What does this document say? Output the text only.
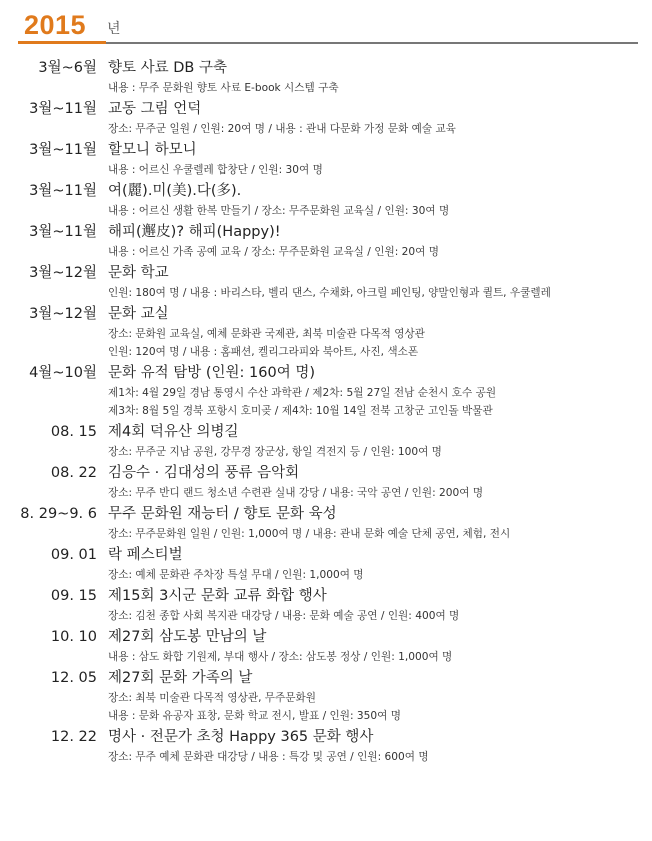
2015 년
3월~6월 향토 사료 DB 구축
내용 : 무주 문화원 향토 사료 E-book 시스템 구축
3월~11월 교동 그림 언덕
장소: 무주군 일원 / 인원: 20여 명 / 내용 : 관내 다문화 가정 문화 예술 교육
3월~11월 할모니 하모니
내용 : 어르신 우쿨렐레 합창단 / 인원: 30여 명
3월~11월 여(麗).미(美).다(多).
내용 : 어르신 생활 한복 만들기 / 장소: 무주문화원 교육실 / 인원: 30여 명
3월~11월 해피(邂皮)? 해피(Happy)!
내용 : 어르신 가족 공예 교육 / 장소: 무주문화원 교육실 / 인원: 20여 명
3월~12월 문화 학교
인원: 180여 명 / 내용 : 바리스타, 벨리 댄스, 수채화, 아크릴 페인팅, 양말인형과 퀼트, 우쿨렐레
3월~12월 문화 교실
장소: 문화원 교육실, 예체 문화관 국제관, 최북 미술관 다목적 영상관
인원: 120여 명 / 내용 : 홈패션, 켈리그라피와 북아트, 사진, 색소폰
4월~10월 문화 유적 탐방 (인원: 160여 명)
제1차: 4월 29일 경남 통영시 수산 과학관 / 제2차: 5월 27일 전남 순천시 호수 공원
제3차: 8월 5일 경북 포항시 호미곶 / 제4차: 10월 14일 전북 고창군 고인돌 박물관
08. 15 제4회 덕유산 의병길
장소: 무주군 지남 공원, 강무경 장군상, 항일 격전지 등 / 인원: 100여 명
08. 22 김응수 · 김대성의 풍류 음악회
장소: 무주 반디 랜드 청소년 수련관 실내 강당 / 내용: 국악 공연 / 인원: 200여 명
8. 29~9. 6 무주 문화원 재능터 / 향토 문화 육성
장소: 무주문화원 일원 / 인원: 1,000여 명 / 내용: 관내 문화 예술 단체 공연, 체험, 전시
09. 01 락 페스티벌
장소: 예체 문화관 주차장 특설 무대 / 인원: 1,000여 명
09. 15 제15회 3시군 문화 교류 화합 행사
장소: 김천 종합 사회 복지관 대강당 / 내용: 문화 예술 공연 / 인원: 400여 명
10. 10 제27회 삼도봉 만남의 날
내용 : 삼도 화합 기원제, 부대 행사 / 장소: 삼도봉 정상 / 인원: 1,000여 명
12. 05 제27회 문화 가족의 날
장소: 최북 미술관 다목적 영상관, 무주문화원
내용 : 문화 유공자 표창, 문화 학교 전시, 발표 / 인원: 350여 명
12. 22 명사 · 전문가 초청 Happy 365 문화 행사
장소: 무주 예체 문화관 대강당 / 내용 : 특강 및 공연 / 인원: 600여 명
